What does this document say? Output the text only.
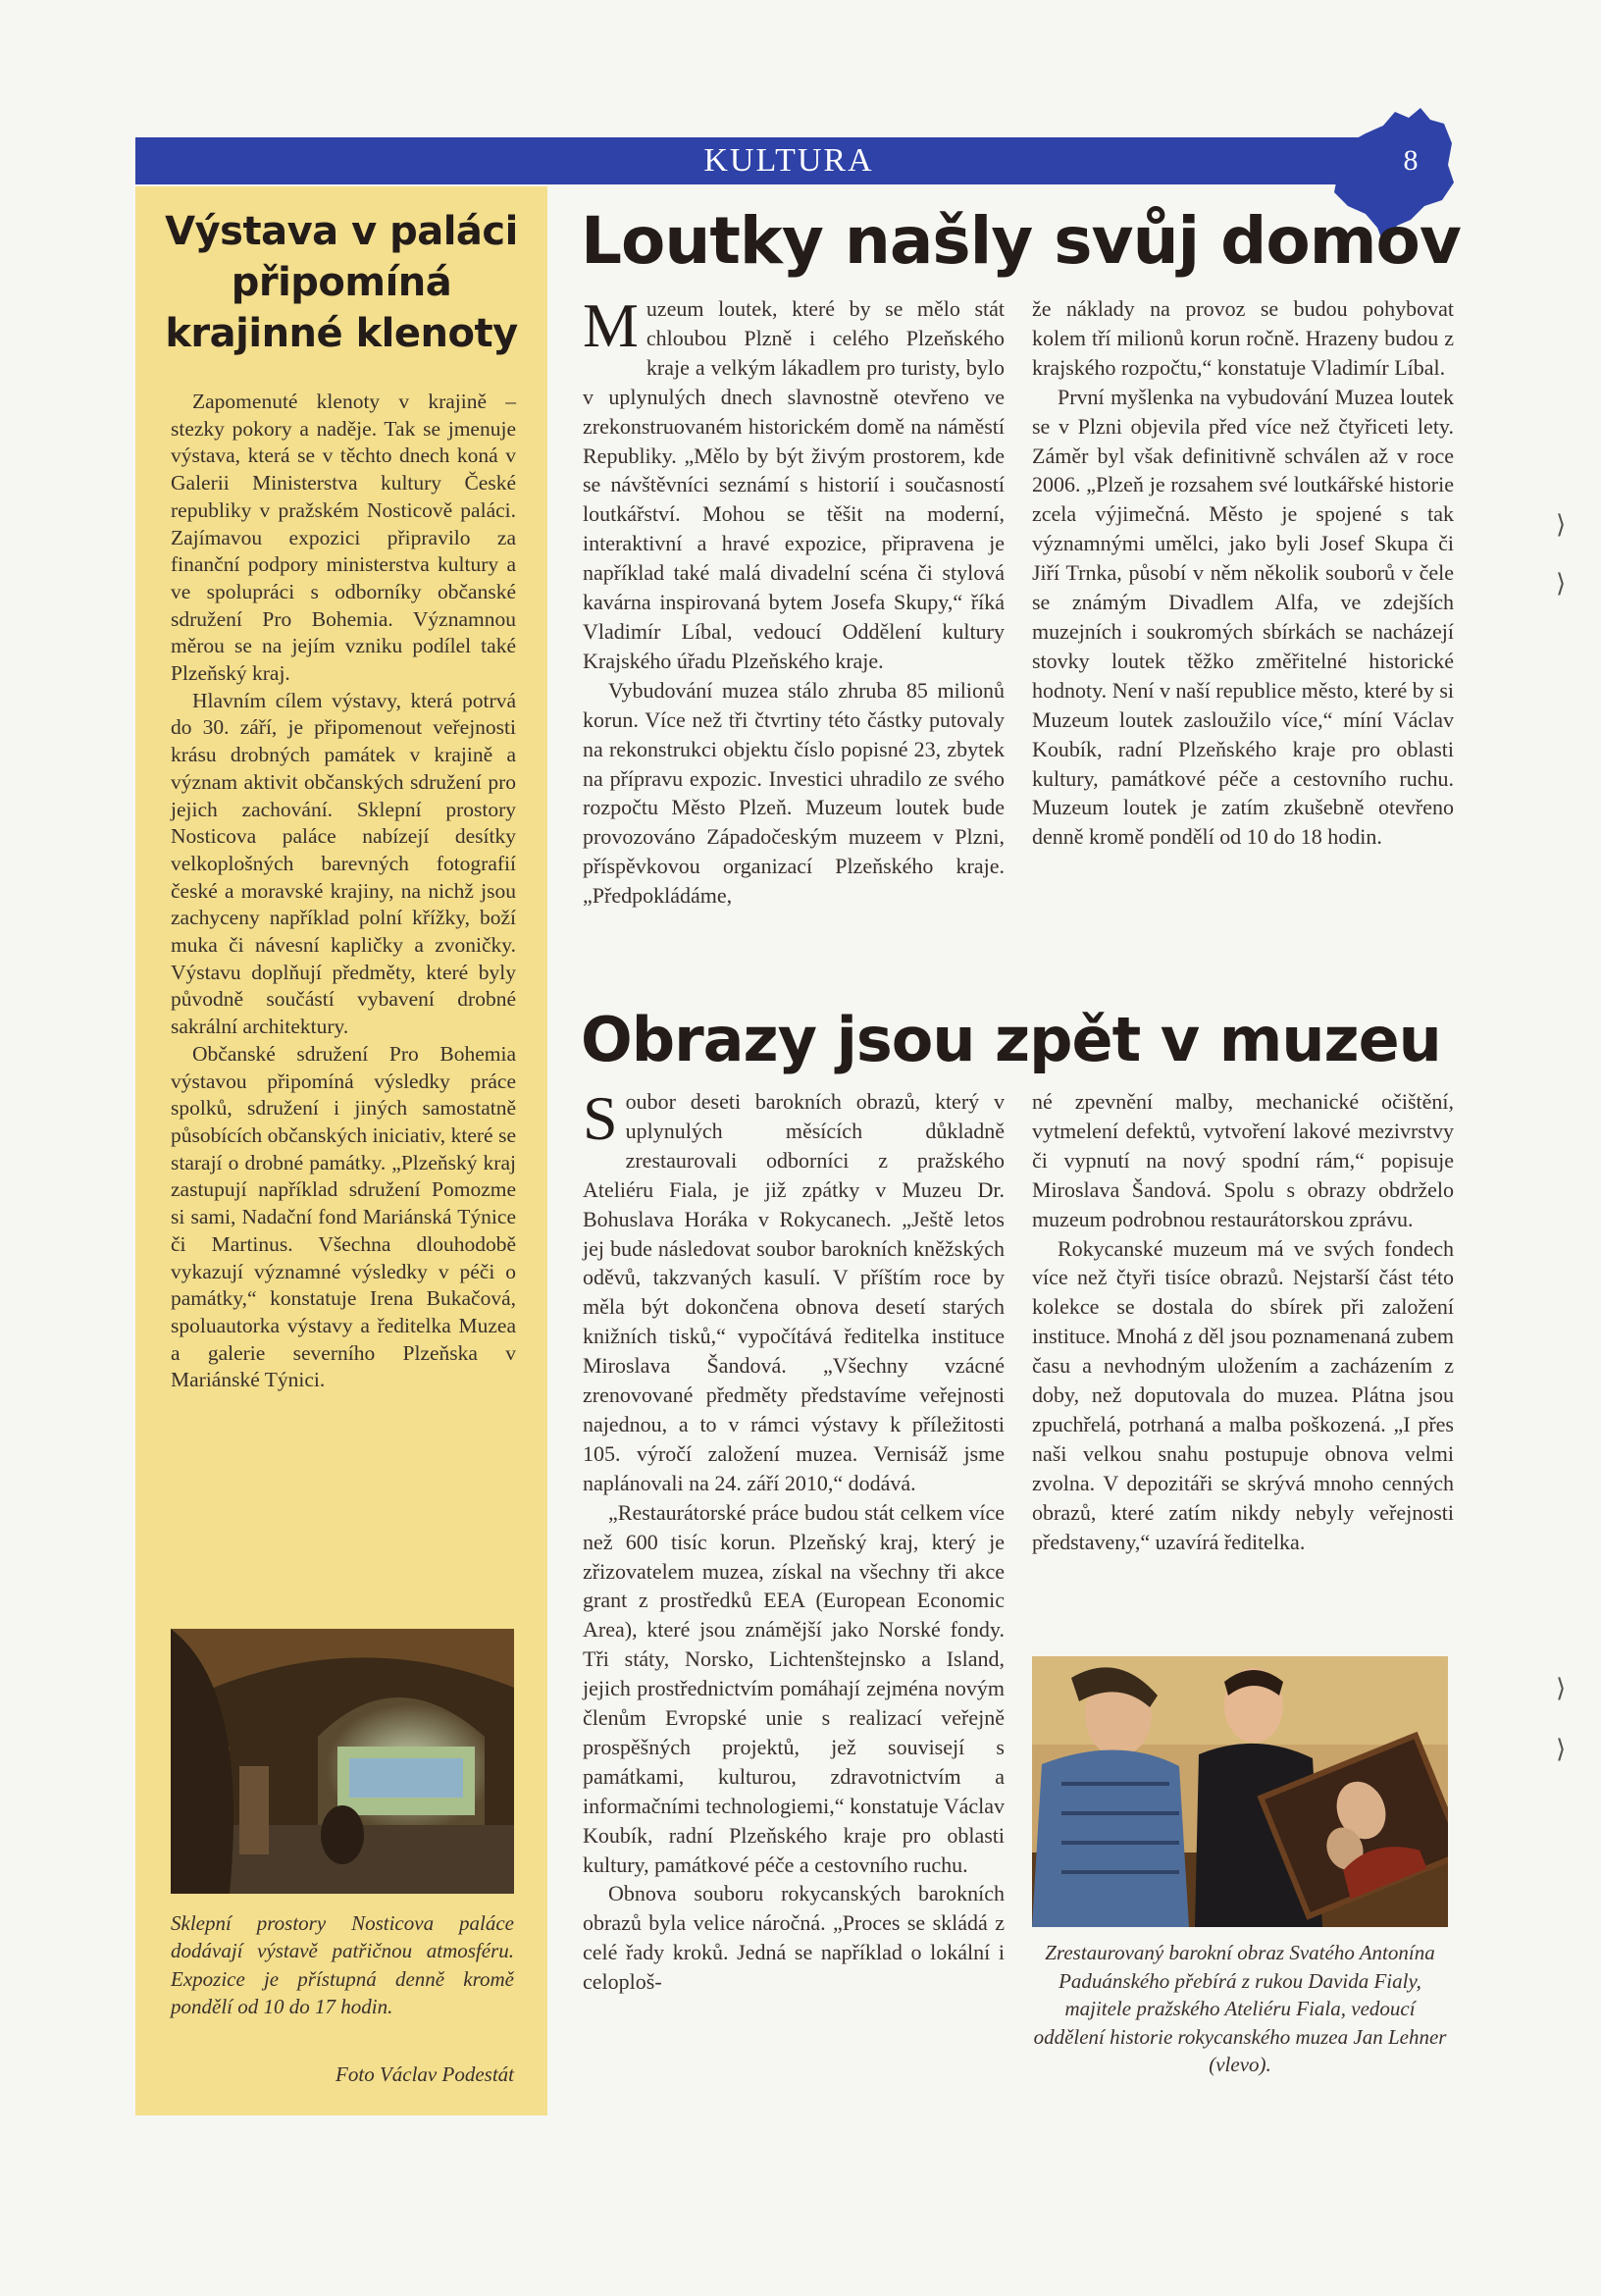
KULTURA	8
Výstava v paláci připomíná krajinné klenoty

Zapomenuté klenoty v krajině – stezky pokory a naděje. Tak se jmenuje výstava, která se v těchto dnech koná v Galerii Ministerstva kultury České republiky v pražském Nosticově paláci. Zajímavou expozici připravilo za finanční podpory ministerstva kultury a ve spolupráci s odborníky občanské sdružení Pro Bohemia. Významnou měrou se na jejím vzniku podílel také Plzeňský kraj.

Hlavním cílem výstavy, která potrvá do 30. září, je připomenout veřejnosti krásu drobných památek v krajině a význam aktivit občanských sdružení pro jejich zachování. Sklepní prostory Nosticova paláce nabízejí desítky velkoplošných barevných fotografií české a moravské krajiny, na nichž jsou zachyceny například polní křížky, boží muka či návesní kapličky a zvoničky. Výstavu doplňují předměty, které byly původně součástí vybavení drobné sakrální architektury.

Občanské sdružení Pro Bohemia výstavou připomíná výsledky práce spolků, sdružení i jiných samostatně působících občanských iniciativ, které se starají o drobné památky. „Plzeňský kraj zastupují například sdružení Pomozme si sami, Nadační fond Mariánská Týnice či Martinus. Všechna dlouhodobě vykazují významné výsledky v péči o památky,“ konstatuje Irena Bukačová, spoluautorka výstavy a ředitelka Muzea a galerie severního Plzeňska v Mariánské Týnici.

Sklepní prostory Nosticova paláce dodávají výstavě patřičnou atmosféru. Expozice je přístupná denně kromě pondělí od 10 do 17 hodin.
Foto Václav Podestát
Loutky našly svůj domov

Muzeum loutek, které by se mělo stát chloubou Plzně i celého Plzeňského kraje a velkým lákadlem pro turisty, bylo v uplynulých dnech slavnostně otevřeno ve zrekonstruovaném historickém domě na náměstí Republiky. „Mělo by být živým prostorem, kde se návštěvníci seznámí s historií i současností loutkářství. Mohou se těšit na moderní, interaktivní a hravé expozice, připravena je například také malá divadelní scéna či stylová kavárna inspirovaná bytem Josefa Skupy,“ říká Vladimír Líbal, vedoucí Oddělení kultury Krajského úřadu Plzeňského kraje.

Vybudování muzea stálo zhruba 85 milionů korun. Více než tři čtvrtiny této částky putovaly na rekonstrukci objektu číslo popisné 23, zbytek na přípravu expozic. Investici uhradilo ze svého rozpočtu Město Plzeň. Muzeum loutek bude provozováno Západočeským muzeem v Plzni, příspěvkovou organizací Plzeňského kraje. „Předpokládáme,

že náklady na provoz se budou pohybovat kolem tří milionů korun ročně. Hrazeny budou z krajského rozpočtu,“ konstatuje Vladimír Líbal.

První myšlenka na vybudování Muzea loutek se v Plzni objevila před více než čtyřiceti lety. Záměr byl však definitivně schválen až v roce 2006. „Plzeň je rozsahem své loutkářské historie zcela výjimečná. Město je spojené s tak významnými umělci, jako byli Josef Skupa či Jiří Trnka, působí v něm několik souborů v čele se známým Divadlem Alfa, ve zdejších muzejních i soukromých sbírkách se nacházejí stovky loutek těžko změřitelné historické hodnoty. Není v naší republice město, které by si Muzeum loutek zasloužilo více,“ míní Václav Koubík, radní Plzeňského kraje pro oblasti kultury, památkové péče a cestovního ruchu. Muzeum loutek je zatím zkušebně otevřeno denně kromě pondělí od 10 do 18 hodin.

Obrazy jsou zpět v muzeu

Soubor deseti barokních obrazů, který v uplynulých měsících důkladně zrestaurovali odborníci z pražského Ateliéru Fiala, je již zpátky v Muzeu Dr. Bohuslava Horáka v Rokycanech. „Ještě letos jej bude následovat soubor barokních kněžských oděvů, takzvaných kasulí. V příštím roce by měla být dokončena obnova desetí starých knižních tisků,“ vypočítává ředitelka instituce Miroslava Šandová. „Všechny vzácné zrenovované předměty představíme veřejnosti najednou, a to v rámci výstavy k příležitosti 105. výročí založení muzea. Vernisáž jsme naplánovali na 24. září 2010,“ dodává.

„Restaurátorské práce budou stát celkem více než 600 tisíc korun. Plzeňský kraj, který je zřizovatelem muzea, získal na všechny tři akce grant z prostředků EEA (European Economic Area), které jsou známější jako Norské fondy. Tři státy, Norsko, Lichtenštejnsko a Island, jejich prostřednictvím pomáhají zejména novým členům Evropské unie s realizací veřejně prospěšných projektů, jež souvisejí s památkami, kulturou, zdravotnictvím a informačními technologiemi,“ konstatuje Václav Koubík, radní Plzeňského kraje pro oblasti kultury, památkové péče a cestovního ruchu.

Obnova souboru rokycanských barokních obrazů byla velice náročná. „Proces se skládá z celé řady kroků. Jedná se například o lokální i celoploš-

né zpevnění malby, mechanické očištění, vytmelení defektů, vytvoření lakové mezivrstvy či vypnutí na nový spodní rám,“ popisuje Miroslava Šandová. Spolu s obrazy obdrželo muzeum podrobnou restaurátorskou zprávu.

Rokycanské muzeum má ve svých fondech více než čtyři tisíce obrazů. Nejstarší část této kolekce se dostala do sbírek při založení instituce. Mnohá z děl jsou poznamenaná zubem času a nevhodným uložením a zacházením z doby, než doputovala do muzea. Plátna jsou zpuchřelá, potrhaná a malba poškozená. „I přes naši velkou snahu postupuje obnova velmi zvolna. V depozitáři se skrývá mnoho cenných obrazů, které zatím nikdy nebyly veřejnosti představeny,“ uzavírá ředitelka.

Zrestaurovaný barokní obraz Svatého Antonína Paduánského přebírá z rukou Davida Fialy, majitele pražského Ateliéru Fiala, vedoucí oddělení historie rokycanského muzea Jan Lehner (vlevo).
⟩
⟩
⟩
⟩
